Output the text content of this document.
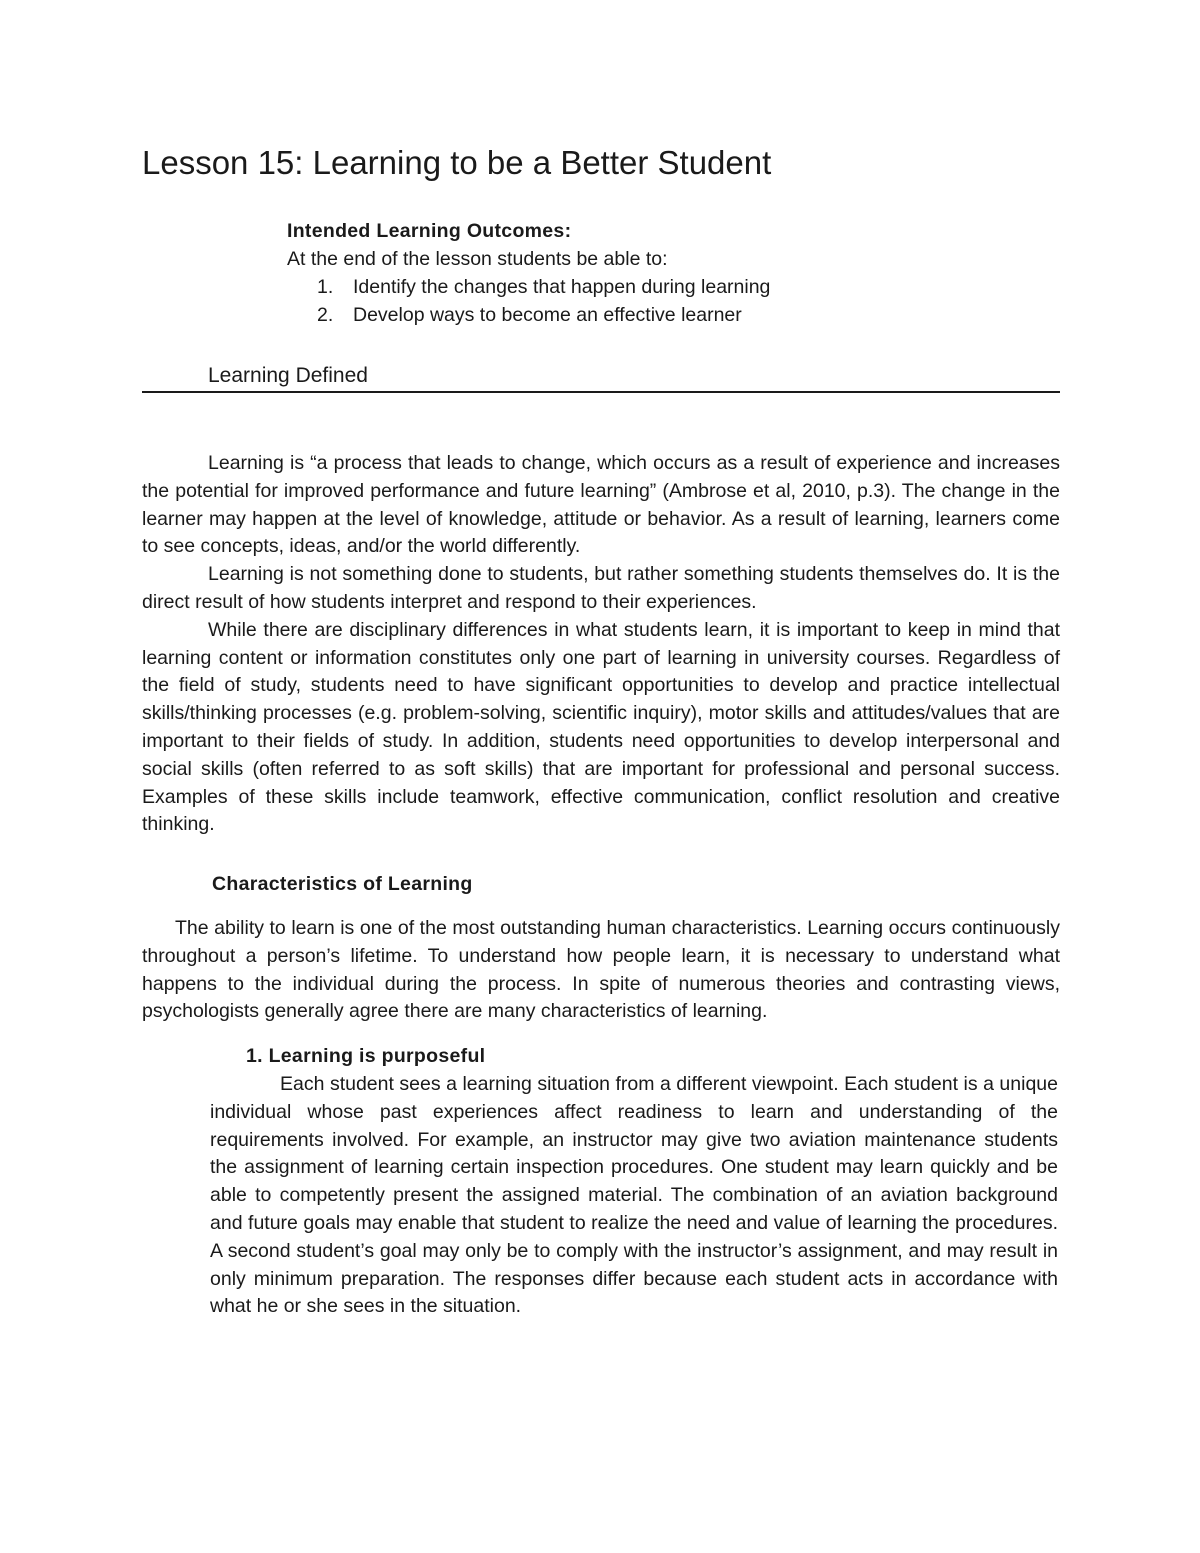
Lesson 15: Learning to be a Better Student
Intended Learning Outcomes:
At the end of the lesson students be able to:
1. Identify the changes that happen during learning
2. Develop ways to become an effective learner
Learning Defined

Learning is “a process that leads to change, which occurs as a result of experience and increases the potential for improved performance and future learning” (Ambrose et al, 2010, p.3). The change in the learner may happen at the level of knowledge, attitude or behavior. As a result of learning, learners come to see concepts, ideas, and/or the world differently.

Learning is not something done to students, but rather something students themselves do. It is the direct result of how students interpret and respond to their experiences.

While there are disciplinary differences in what students learn, it is important to keep in mind that learning content or information constitutes only one part of learning in university courses. Regardless of the field of study, students need to have significant opportunities to develop and practice intellectual skills/thinking processes (e.g. problem-solving, scientific inquiry), motor skills and attitudes/values that are important to their fields of study. In addition, students need opportunities to develop interpersonal and social skills (often referred to as soft skills) that are important for professional and personal success. Examples of these skills include teamwork, effective communication, conflict resolution and creative thinking.

Characteristics of Learning

The ability to learn is one of the most outstanding human characteristics. Learning occurs continuously throughout a person’s lifetime. To understand how people learn, it is necessary to understand what happens to the individual during the process. In spite of numerous theories and contrasting views, psychologists generally agree there are many characteristics of learning.

1. Learning is purposeful

Each student sees a learning situation from a different viewpoint. Each student is a unique individual whose past experiences affect readiness to learn and understanding of the requirements involved. For example, an instructor may give two aviation maintenance students the assignment of learning certain inspection procedures. One student may learn quickly and be able to competently present the assigned material. The combination of an aviation background and future goals may enable that student to realize the need and value of learning the procedures. A second student’s goal may only be to comply with the instructor’s assignment, and may result in only minimum preparation. The responses differ because each student acts in accordance with what he or she sees in the situation.
